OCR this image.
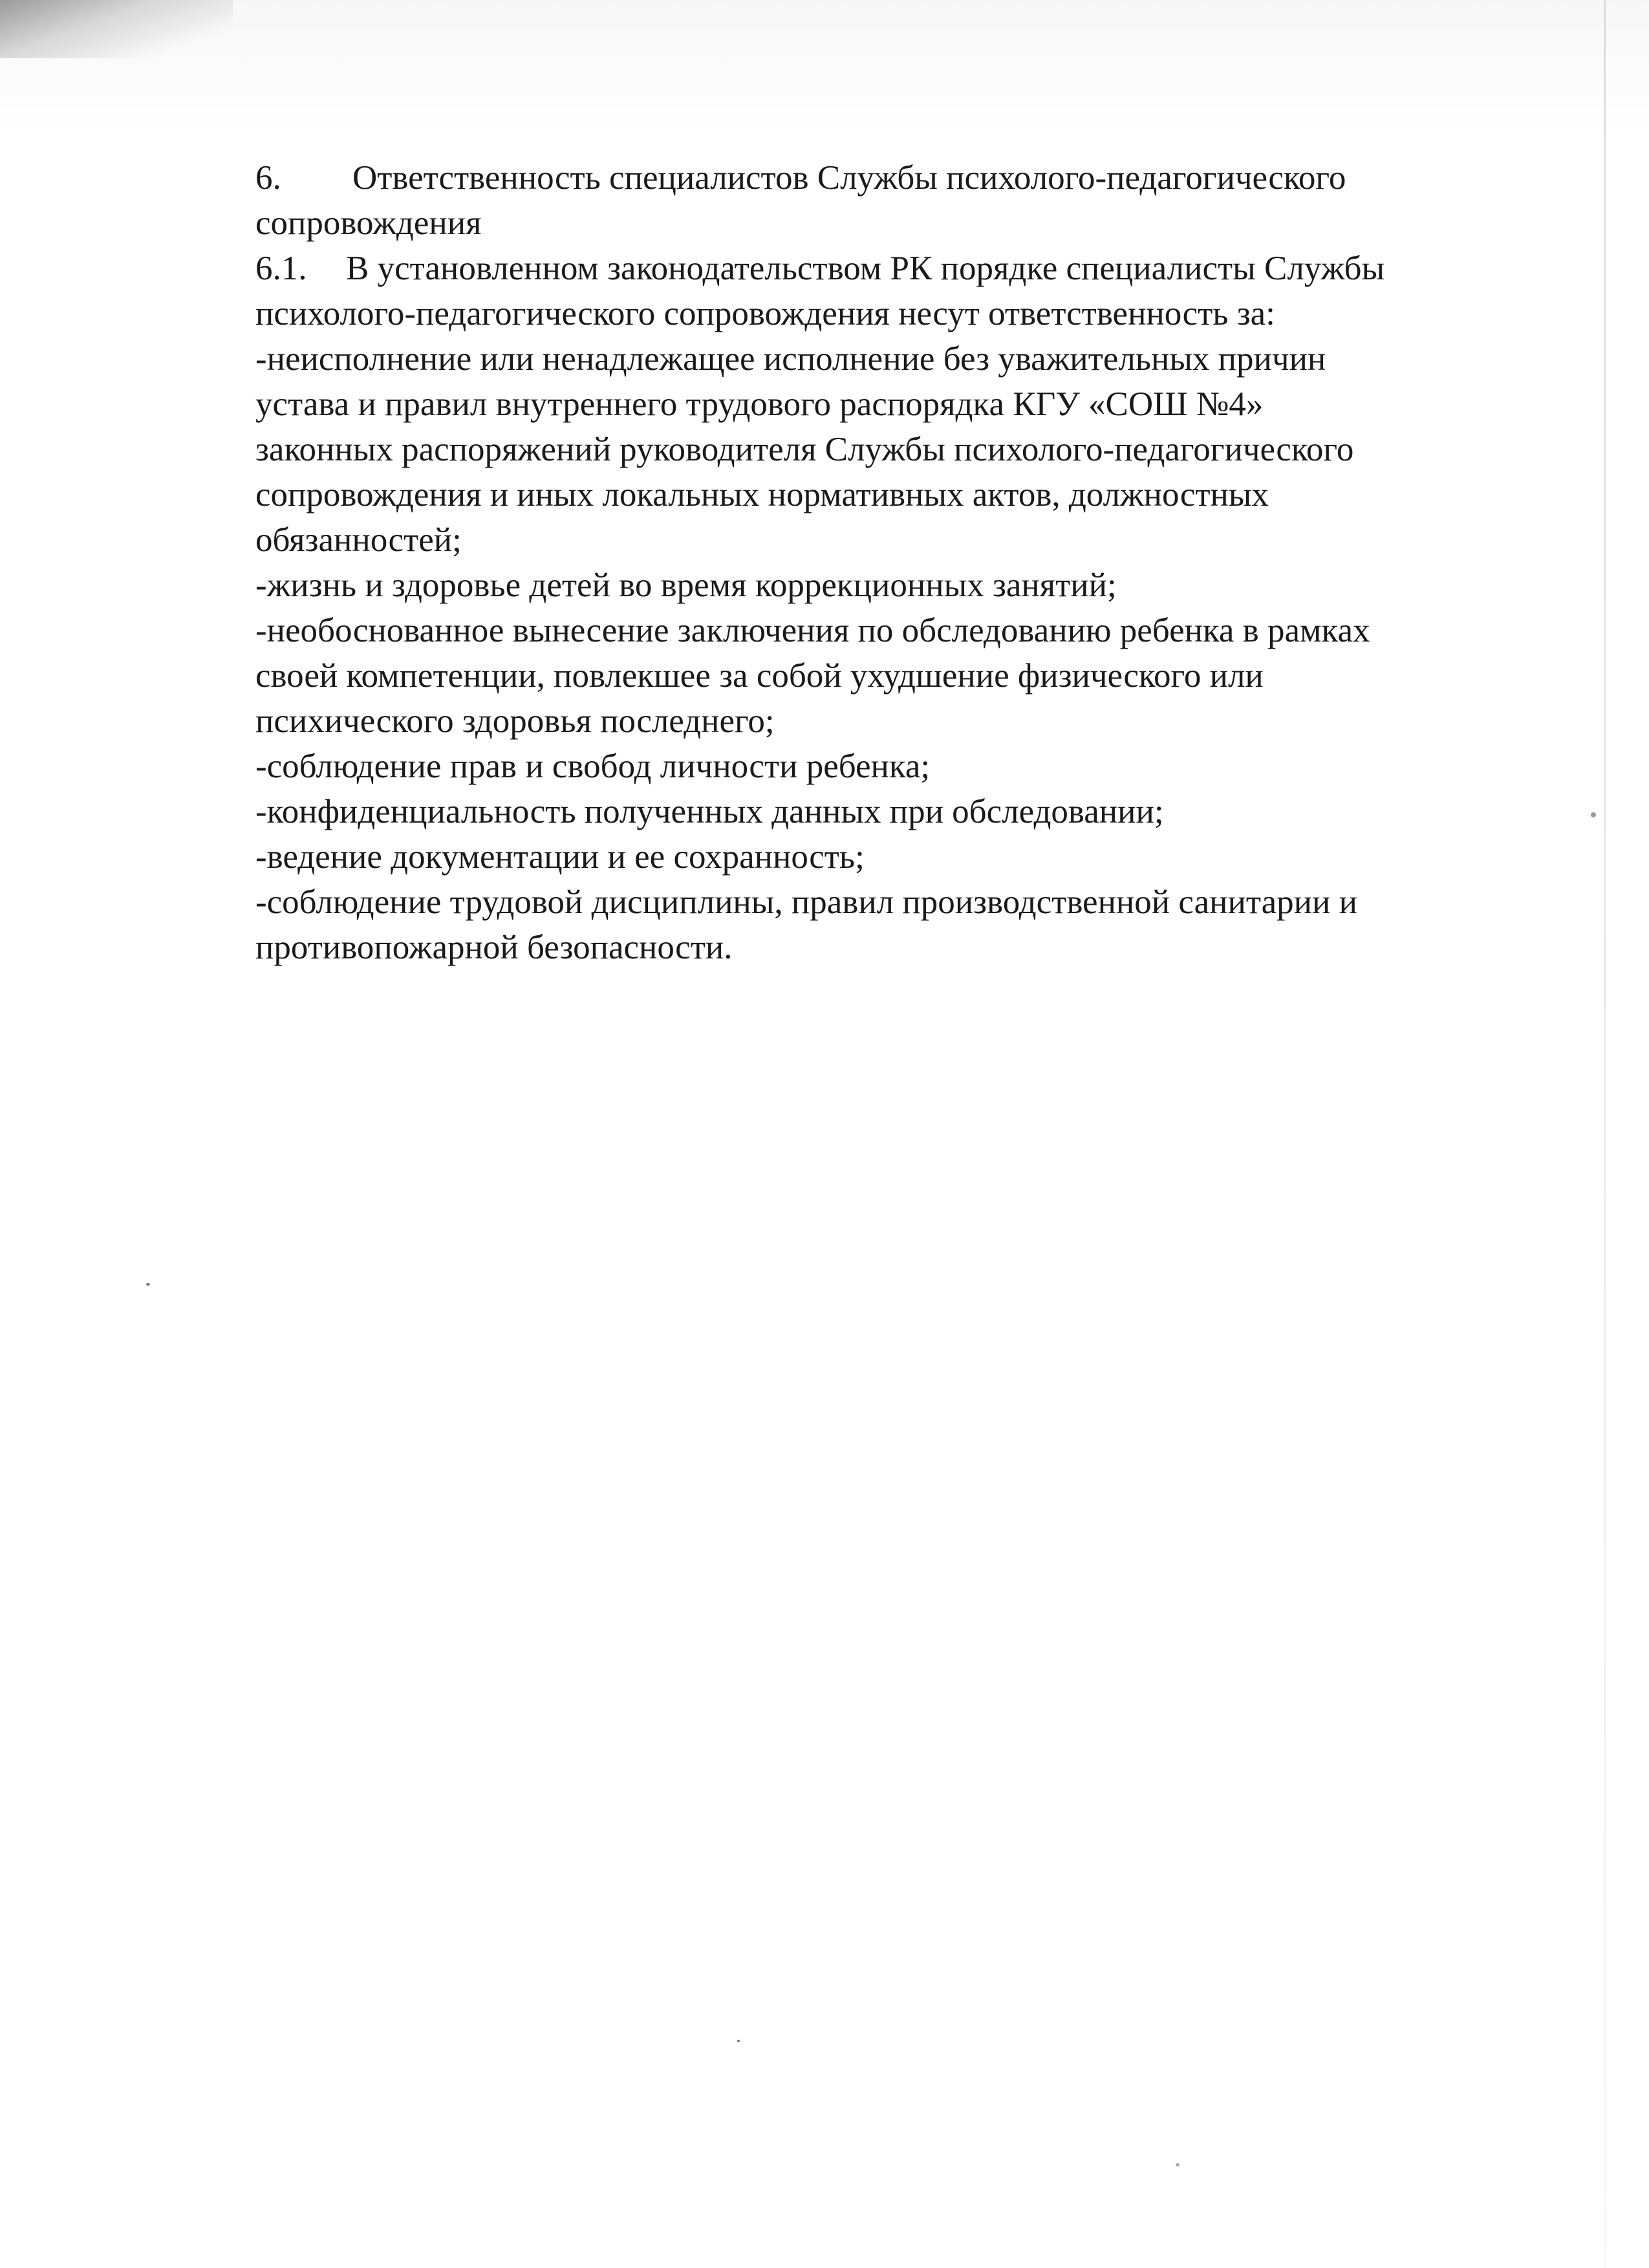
6. Ответственность специалистов Службы психолого-педагогического
сопровождения
6.1. В установленном законодательством РК порядке специалисты Службы
психолого-педагогического сопровождения несут ответственность за:
-неисполнение или ненадлежащее исполнение без уважительных причин
устава и правил внутреннего трудового распорядка КГУ «СОШ №4»
законных распоряжений руководителя Службы психолого-педагогического
сопровождения и иных локальных нормативных актов, должностных
обязанностей;
-жизнь и здоровье детей во время коррекционных занятий;
-необоснованное вынесение заключения по обследованию ребенка в рамках
своей компетенции, повлекшее за собой ухудшение физического или
психического здоровья последнего;
-соблюдение прав и свобод личности ребенка;
-конфиденциальность полученных данных при обследовании;
-ведение документации и ее сохранность;
-соблюдение трудовой дисциплины, правил производственной санитарии и
противопожарной безопасности.
